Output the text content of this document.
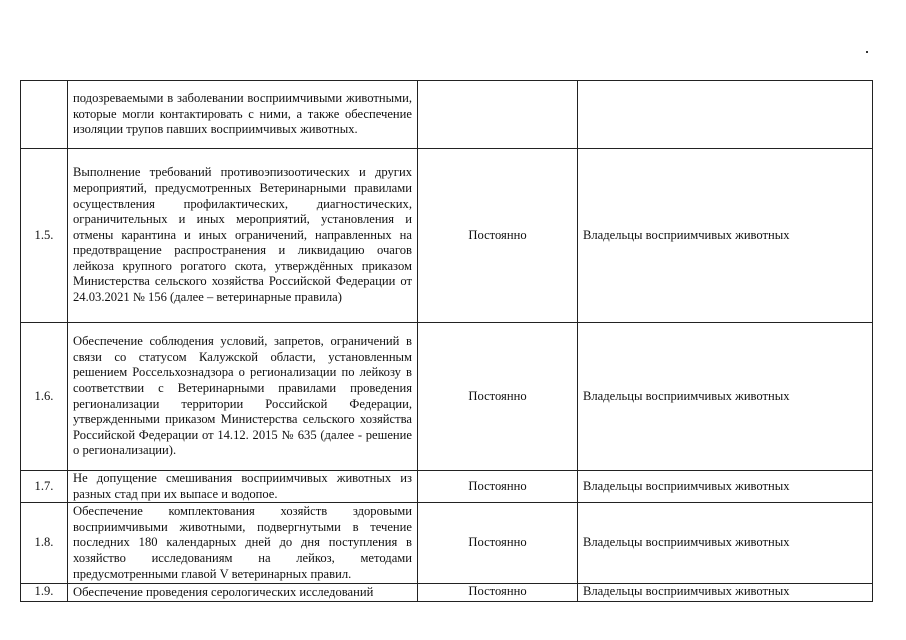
	подозреваемыми в заболевании восприимчивыми животными, которые могли контактировать с ними, а также обеспечение изоляции трупов павших восприимчивых животных.		
1.5.	Выполнение требований противоэпизоотических и других мероприятий, предусмотренных Ветеринарными правилами осуществления профилактических, диагностических, ограничительных и иных мероприятий, установления и отмены карантина и иных ограничений, направленных на предотвращение распространения и ликвидацию очагов лейкоза крупного рогатого скота, утверждённых приказом Министерства сельского хозяйства Российской Федерации от 24.03.2021 № 156 (далее – ветеринарные правила)	Постоянно	Владельцы восприимчивых животных
1.6.	Обеспечение соблюдения условий, запретов, ограничений в связи со статусом Калужской области, установленным решением Россельхознадзора о регионализации по лейкозу в соответствии с Ветеринарными правилами проведения регионализации территории Российской Федерации, утвержденными приказом Министерства сельского хозяйства Российской Федерации от 14.12. 2015 № 635 (далее - решение о регионализации).	Постоянно	Владельцы восприимчивых животных
1.7.	Не допущение смешивания восприимчивых животных из разных стад при их выпасе и водопое.	Постоянно	Владельцы восприимчивых животных
1.8.	Обеспечение комплектования хозяйств здоровыми восприимчивыми животными, подвергнутыми в течение последних 180 календарных дней до дня поступления в хозяйство исследованиям на лейкоз, методами предусмотренными главой V ветеринарных правил.	Постоянно	Владельцы восприимчивых животных
1.9.	Обеспечение проведения серологических исследований	Постоянно	Владельцы восприимчивых животных
